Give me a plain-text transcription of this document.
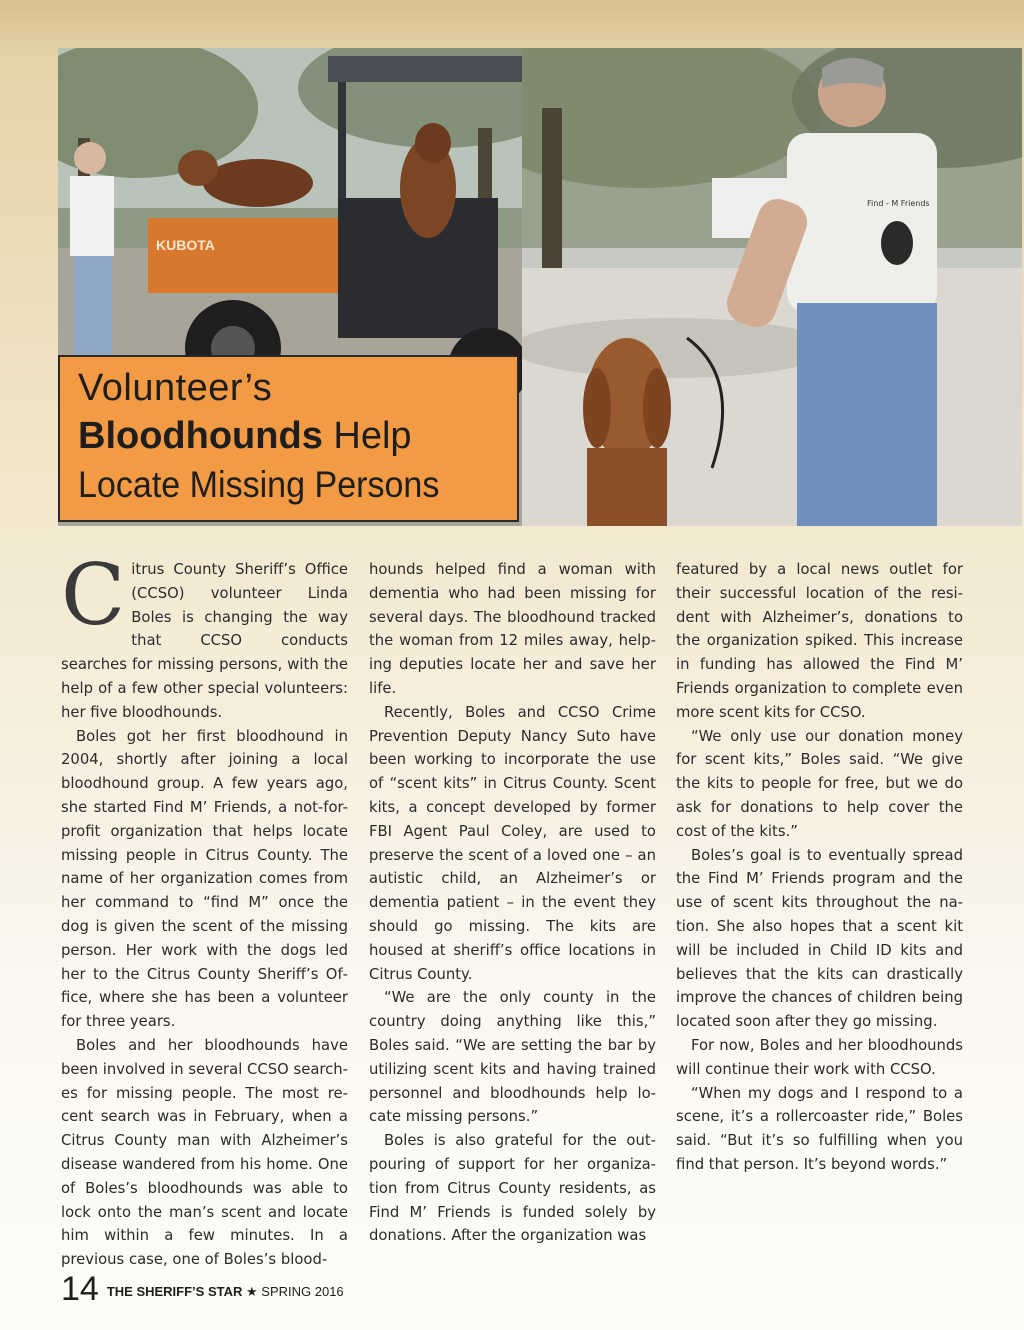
KUBOTA
Find - M Friends
Volunteer’s
Bloodhounds Help
Locate Missing Persons

Citrus County Sheriff’s Office (CCSO) volunteer Linda Boles is changing the way that CCSO conducts searches for missing persons, with the help of a few other special volunteers: her five bloodhounds.

Boles got her first bloodhound in 2004, shortly after joining a local bloodhound group. A few years ago, she started Find M’ Friends, a not-for-profit organization that helps locate missing people in Citrus County. The name of her organization comes from her command to “find M” once the dog is given the scent of the missing person. Her work with the dogs led her to the Citrus County Sheriff’s Office, where she has been a volunteer for three years.

Boles and her bloodhounds have been involved in several CCSO searches for missing people. The most recent search was in February, when a Citrus County man with Alzheimer’s disease wandered from his home. One of Boles’s bloodhounds was able to lock onto the man’s scent and locate him within a few minutes. In a previous case, one of Boles’s blood-

hounds helped find a woman with dementia who had been missing for several days. The bloodhound tracked the woman from 12 miles away, helping deputies locate her and save her life.

Recently, Boles and CCSO Crime Prevention Deputy Nancy Suto have been working to incorporate the use of “scent kits” in Citrus County. Scent kits, a concept developed by former FBI Agent Paul Coley, are used to preserve the scent of a loved one – an autistic child, an Alzheimer’s or dementia patient – in the event they should go missing. The kits are housed at sheriff’s office locations in Citrus County.

“We are the only county in the country doing anything like this,” Boles said. “We are setting the bar by utilizing scent kits and having trained personnel and bloodhounds help locate missing persons.”

Boles is also grateful for the outpouring of support for her organization from Citrus County residents, as Find M’ Friends is funded solely by donations. After the organization was

featured by a local news outlet for their successful location of the resident with Alzheimer’s, donations to the organization spiked. This increase in funding has allowed the Find M’ Friends organization to complete even more scent kits for CCSO.

“We only use our donation money for scent kits,” Boles said. “We give the kits to people for free, but we do ask for donations to help cover the cost of the kits.”

Boles’s goal is to eventually spread the Find M’ Friends program and the use of scent kits throughout the nation. She also hopes that a scent kit will be included in Child ID kits and believes that the kits can drastically improve the chances of children being located soon after they go missing.

For now, Boles and her bloodhounds will continue their work with CCSO.

“When my dogs and I respond to a scene, it’s a rollercoaster ride,” Boles said. “But it’s so fulfilling when you find that person. It’s beyond words.”

14 THE SHERIFF’S STAR ★ SPRING 2016
